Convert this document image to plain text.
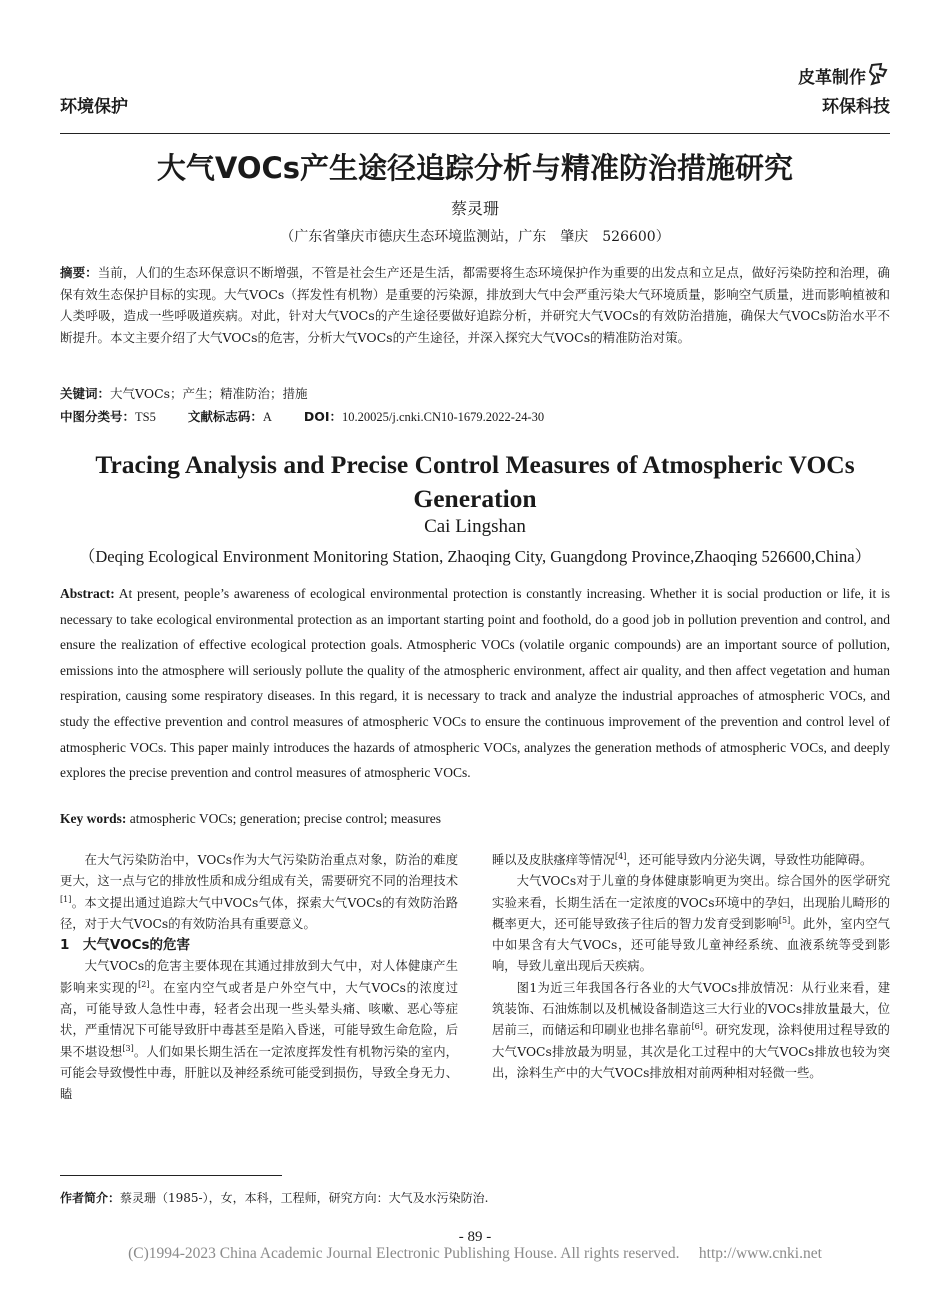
环境保护
皮革制作
环保科技
大气VOCs产生途径追踪分析与精准防治措施研究
蔡灵珊
（广东省肇庆市德庆生态环境监测站，广东　肇庆　526600）
摘要：当前，人们的生态环保意识不断增强，不管是社会生产还是生活，都需要将生态环境保护作为重要的出发点和立足点，做好污染防控和治理，确保有效生态保护目标的实现。大气VOCs（挥发性有机物）是重要的污染源，排放到大气中会严重污染大气环境质量，影响空气质量，进而影响植被和人类呼吸，造成一些呼吸道疾病。对此，针对大气VOCs的产生途径要做好追踪分析，并研究大气VOCs的有效防治措施，确保大气VOCs防治水平不断提升。本文主要介绍了大气VOCs的危害，分析大气VOCs的产生途径，并深入探究大气VOCs的精准防治对策。
关键词：大气VOCs；产生；精准防治；措施
中图分类号：TS5	文献标志码：A	DOI：10.20025/j.cnki.CN10-1679.2022-24-30
Tracing Analysis and Precise Control Measures of Atmospheric VOCs Generation
Cai Lingshan
（Deqing Ecological Environment Monitoring Station, Zhaoqing City, Guangdong Province,Zhaoqing 526600,China）
Abstract: At present, people’s awareness of ecological environmental protection is constantly increasing. Whether it is social production or life, it is necessary to take ecological environmental protection as an important starting point and foothold, do a good job in pollution prevention and control, and ensure the realization of effective ecological protection goals. Atmospheric VOCs (volatile organic compounds) are an important source of pollution, emissions into the atmosphere will seriously pollute the quality of the atmospheric environment, affect air quality, and then affect vegetation and human respiration, causing some respiratory diseases. In this regard, it is necessary to track and analyze the industrial approaches of atmospheric VOCs, and study the effective prevention and control measures of atmospheric VOCs to ensure the continuous improvement of the prevention and control level of atmospheric VOCs. This paper mainly introduces the hazards of atmospheric VOCs, analyzes the generation methods of atmospheric VOCs, and deeply explores the precise prevention and control measures of atmospheric VOCs.
Key words: atmospheric VOCs; generation; precise control; measures

在大气污染防治中，VOCs作为大气污染防治重点对象，防治的难度更大，这一点与它的排放性质和成分组成有关，需要研究不同的治理技术[1]。本文提出通过追踪大气中VOCs气体，探索大气VOCs的有效防治路径，对于大气VOCs的有效防治具有重要意义。

1　大气VOCs的危害

大气VOCs的危害主要体现在其通过排放到大气中，对人体健康产生影响来实现的[2]。在室内空气或者是户外空气中，大气VOCs的浓度过高，可能导致人急性中毒，轻者会出现一些头晕头痛、咳嗽、恶心等症状，严重情况下可能导致肝中毒甚至是陷入昏迷，可能导致生命危险，后果不堪设想[3]。人们如果长期生活在一定浓度挥发性有机物污染的室内，可能会导致慢性中毒，肝脏以及神经系统可能受到损伤，导致全身无力、瞌

睡以及皮肤瘙痒等情况[4]，还可能导致内分泌失调，导致性功能障碍。

大气VOCs对于儿童的身体健康影响更为突出。综合国外的医学研究实验来看，长期生活在一定浓度的VOCs环境中的孕妇，出现胎儿畸形的概率更大，还可能导致孩子往后的智力发育受到影响[5]。此外，室内空气中如果含有大气VOCs，还可能导致儿童神经系统、血液系统等受到影响，导致儿童出现后天疾病。

图1为近三年我国各行各业的大气VOCs排放情况：从行业来看，建筑装饰、石油炼制以及机械设备制造这三大行业的VOCs排放量最大，位居前三，而储运和印刷业也排名靠前[6]。研究发现，涂料使用过程导致的大气VOCs排放最为明显，其次是化工过程中的大气VOCs排放也较为突出，涂料生产中的大气VOCs排放相对前两种相对轻微一些。

作者简介：蔡灵珊（1985-），女，本科，工程师，研究方向：大气及水污染防治.
- 89 -
(C)1994-2023 China Academic Journal Electronic Publishing House. All rights reserved.　 http://www.cnki.net
